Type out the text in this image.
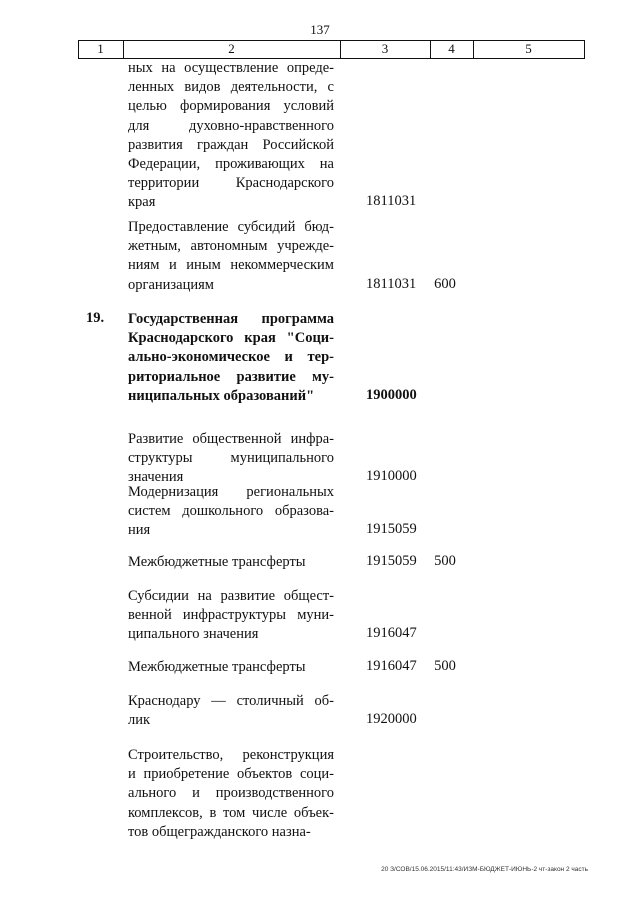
137
1	2	3	4	5
ных на осуществление опреде-
ленных видов деятельности, с
целью формирования условий
для духовно-нравственного
развития граждан Российской
Федерации, проживающих на
территории Краснодарского
края	1811031
Предоставление субсидий бюд-
жетным, автономным учрежде-
ниям и иным некоммерческим
организациям	1811031	600
19. Государственная программа
Краснодарского края "Соци-
ально-экономическое и тер-
риториальное развитие му-
ниципальных образований"	1900000
Развитие общественной инфра-
структуры муниципального
значения	1910000
Модернизация региональных
систем дошкольного образова-
ния	1915059
Межбюджетные трансферты	1915059	500
Субсидии на развитие общест-
венной инфраструктуры муни-
ципального значения	1916047
Межбюджетные трансферты	1916047	500
Краснодару — столичный об-
лик	1920000
Строительство, реконструкция
и приобретение объектов соци-
ального и производственного
комплексов, в том числе объек-
тов общегражданского назна-
20 З/СОВ/15.06.2015/11:43/ИЗМ-БЮДЖЕТ-ИЮНЬ-2 чт-закон 2 часть
